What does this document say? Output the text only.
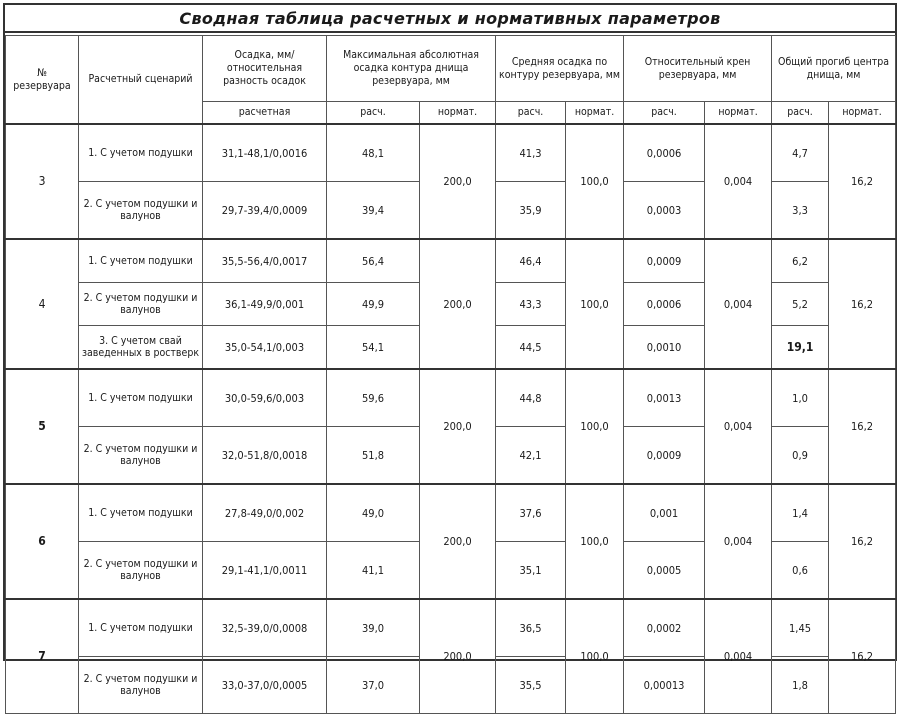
Сводная таблица расчетных и нормативных параметров
№ резервуара	Расчетный сценарий	Осадка, мм/относительная разность осадок	Максимальная абсолютная осадка контура днища резервуара, мм		Средняя осадка по контуру резервуара, мм		Относительный крен резервуара, мм		Общий прогиб центра днища, мм	
		расчетная	расч.	нормат.	расч.	нормат.	расч.	нормат.	расч.	нормат.
3	1. С учетом подушки	31,1-48,1/0,0016	48,1	200,0	41,3	100,0	0,0006	0,004	4,7	16,2
	2. С учетом подушки и валунов	29,7-39,4/0,0009	39,4		35,9		0,0003		3,3	
4	1. С учетом подушки	35,5-56,4/0,0017	56,4	200,0	46,4	100,0	0,0009	0,004	6,2	16,2
	2. С учетом подушки и валунов	36,1-49,9/0,001	49,9		43,3		0,0006		5,2	
	3. С учетом свай заведенных в ростверк	35,0-54,1/0,003	54,1		44,5		0,0010		19,1	
5	1. С учетом подушки	30,0-59,6/0,003	59,6	200,0	44,8	100,0	0,0013	0,004	1,0	16,2
	2. С учетом подушки и валунов	32,0-51,8/0,0018	51,8		42,1		0,0009		0,9	
6	1. С учетом подушки	27,8-49,0/0,002	49,0	200,0	37,6	100,0	0,001	0,004	1,4	16,2
	2. С учетом подушки и валунов	29,1-41,1/0,0011	41,1		35,1		0,0005		0,6	
7	1. С учетом подушки	32,5-39,0/0,0008	39,0	200,0	36,5	100,0	0,0002	0,004	1,45	16,2
	2. С учетом подушки и валунов	33,0-37,0/0,0005	37,0		35,5		0,00013		1,8	
